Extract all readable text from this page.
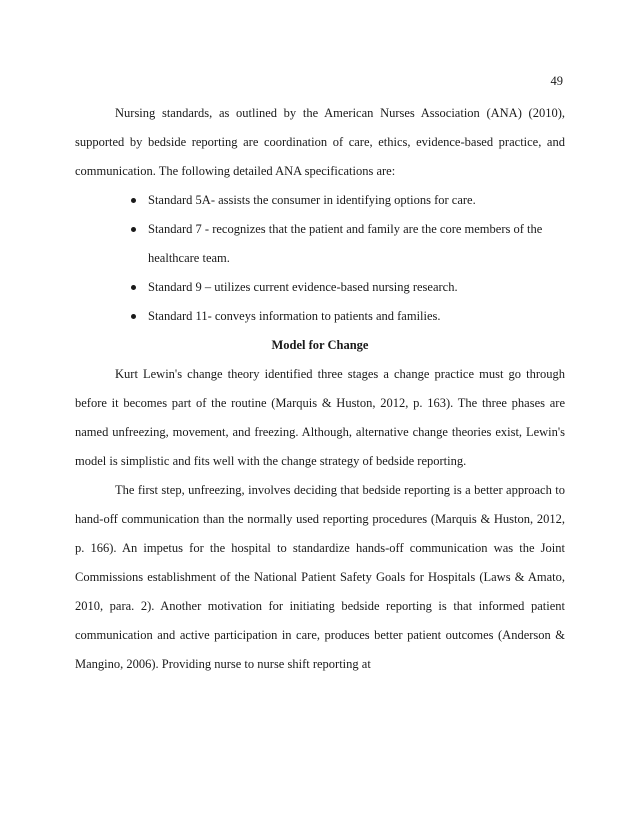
49

Nursing standards, as outlined by the American Nurses Association (ANA) (2010), supported by bedside reporting are coordination of care, ethics, evidence-based practice, and communication. The following detailed ANA specifications are:

Standard 5A- assists the consumer in identifying options for care.
Standard 7 - recognizes that the patient and family are the core members of the healthcare team.
Standard 9 – utilizes current evidence-based nursing research.
Standard 11- conveys information to patients and families.

Model for Change

Kurt Lewin's change theory identified three stages a change practice must go through before it becomes part of the routine (Marquis & Huston, 2012, p. 163). The three phases are named unfreezing, movement, and freezing. Although, alternative change theories exist, Lewin's model is simplistic and fits well with the change strategy of bedside reporting.

The first step, unfreezing, involves deciding that bedside reporting is a better approach to hand-off communication than the normally used reporting procedures (Marquis & Huston, 2012, p. 166). An impetus for the hospital to standardize hands-off communication was the Joint Commissions establishment of the National Patient Safety Goals for Hospitals (Laws & Amato, 2010, para. 2). Another motivation for initiating bedside reporting is that informed patient communication and active participation in care, produces better patient outcomes (Anderson & Mangino, 2006). Providing nurse to nurse shift reporting at
